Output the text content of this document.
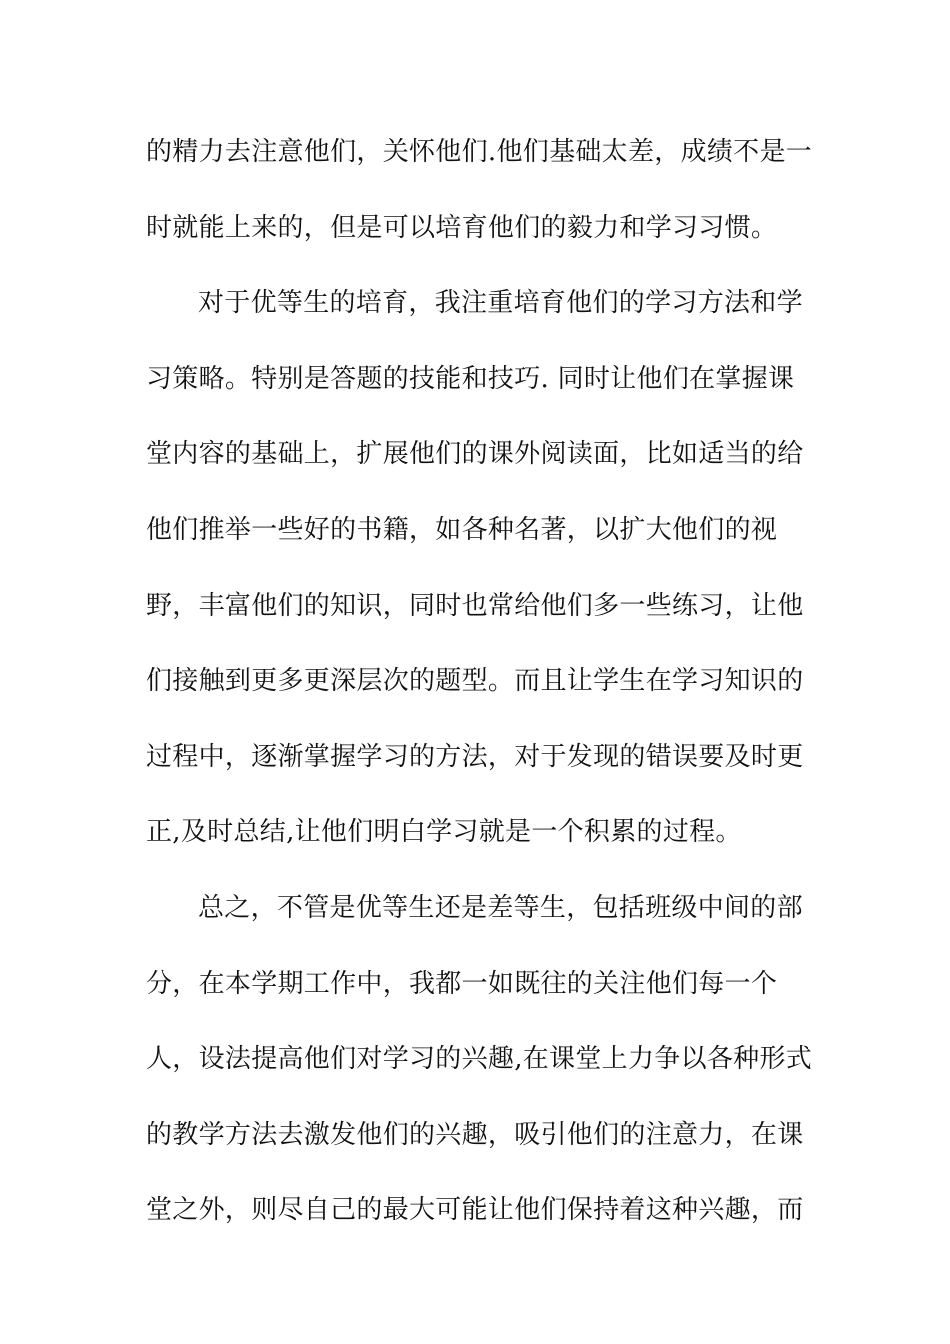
的精力去注意他们，关怀他们.他们基础太差，成绩不是一
时就能上来的，但是可以培育他们的毅力和学习习惯。
对于优等生的培育，我注重培育他们的学习方法和学
习策略。特别是答题的技能和技巧. 同时让他们在掌握课
堂内容的基础上，扩展他们的课外阅读面，比如适当的给
他们推举一些好的书籍，如各种名著，以扩大他们的视
野，丰富他们的知识，同时也常给他们多一些练习，让他
们接触到更多更深层次的题型。而且让学生在学习知识的
过程中，逐渐掌握学习的方法，对于发现的错误要及时更
正,及时总结,让他们明白学习就是一个积累的过程。
总之，不管是优等生还是差等生，包括班级中间的部
分，在本学期工作中，我都一如既往的关注他们每一个
人，设法提高他们对学习的兴趣,在课堂上力争以各种形式
的教学方法去激发他们的兴趣，吸引他们的注意力，在课
堂之外，则尽自己的最大可能让他们保持着这种兴趣，而
